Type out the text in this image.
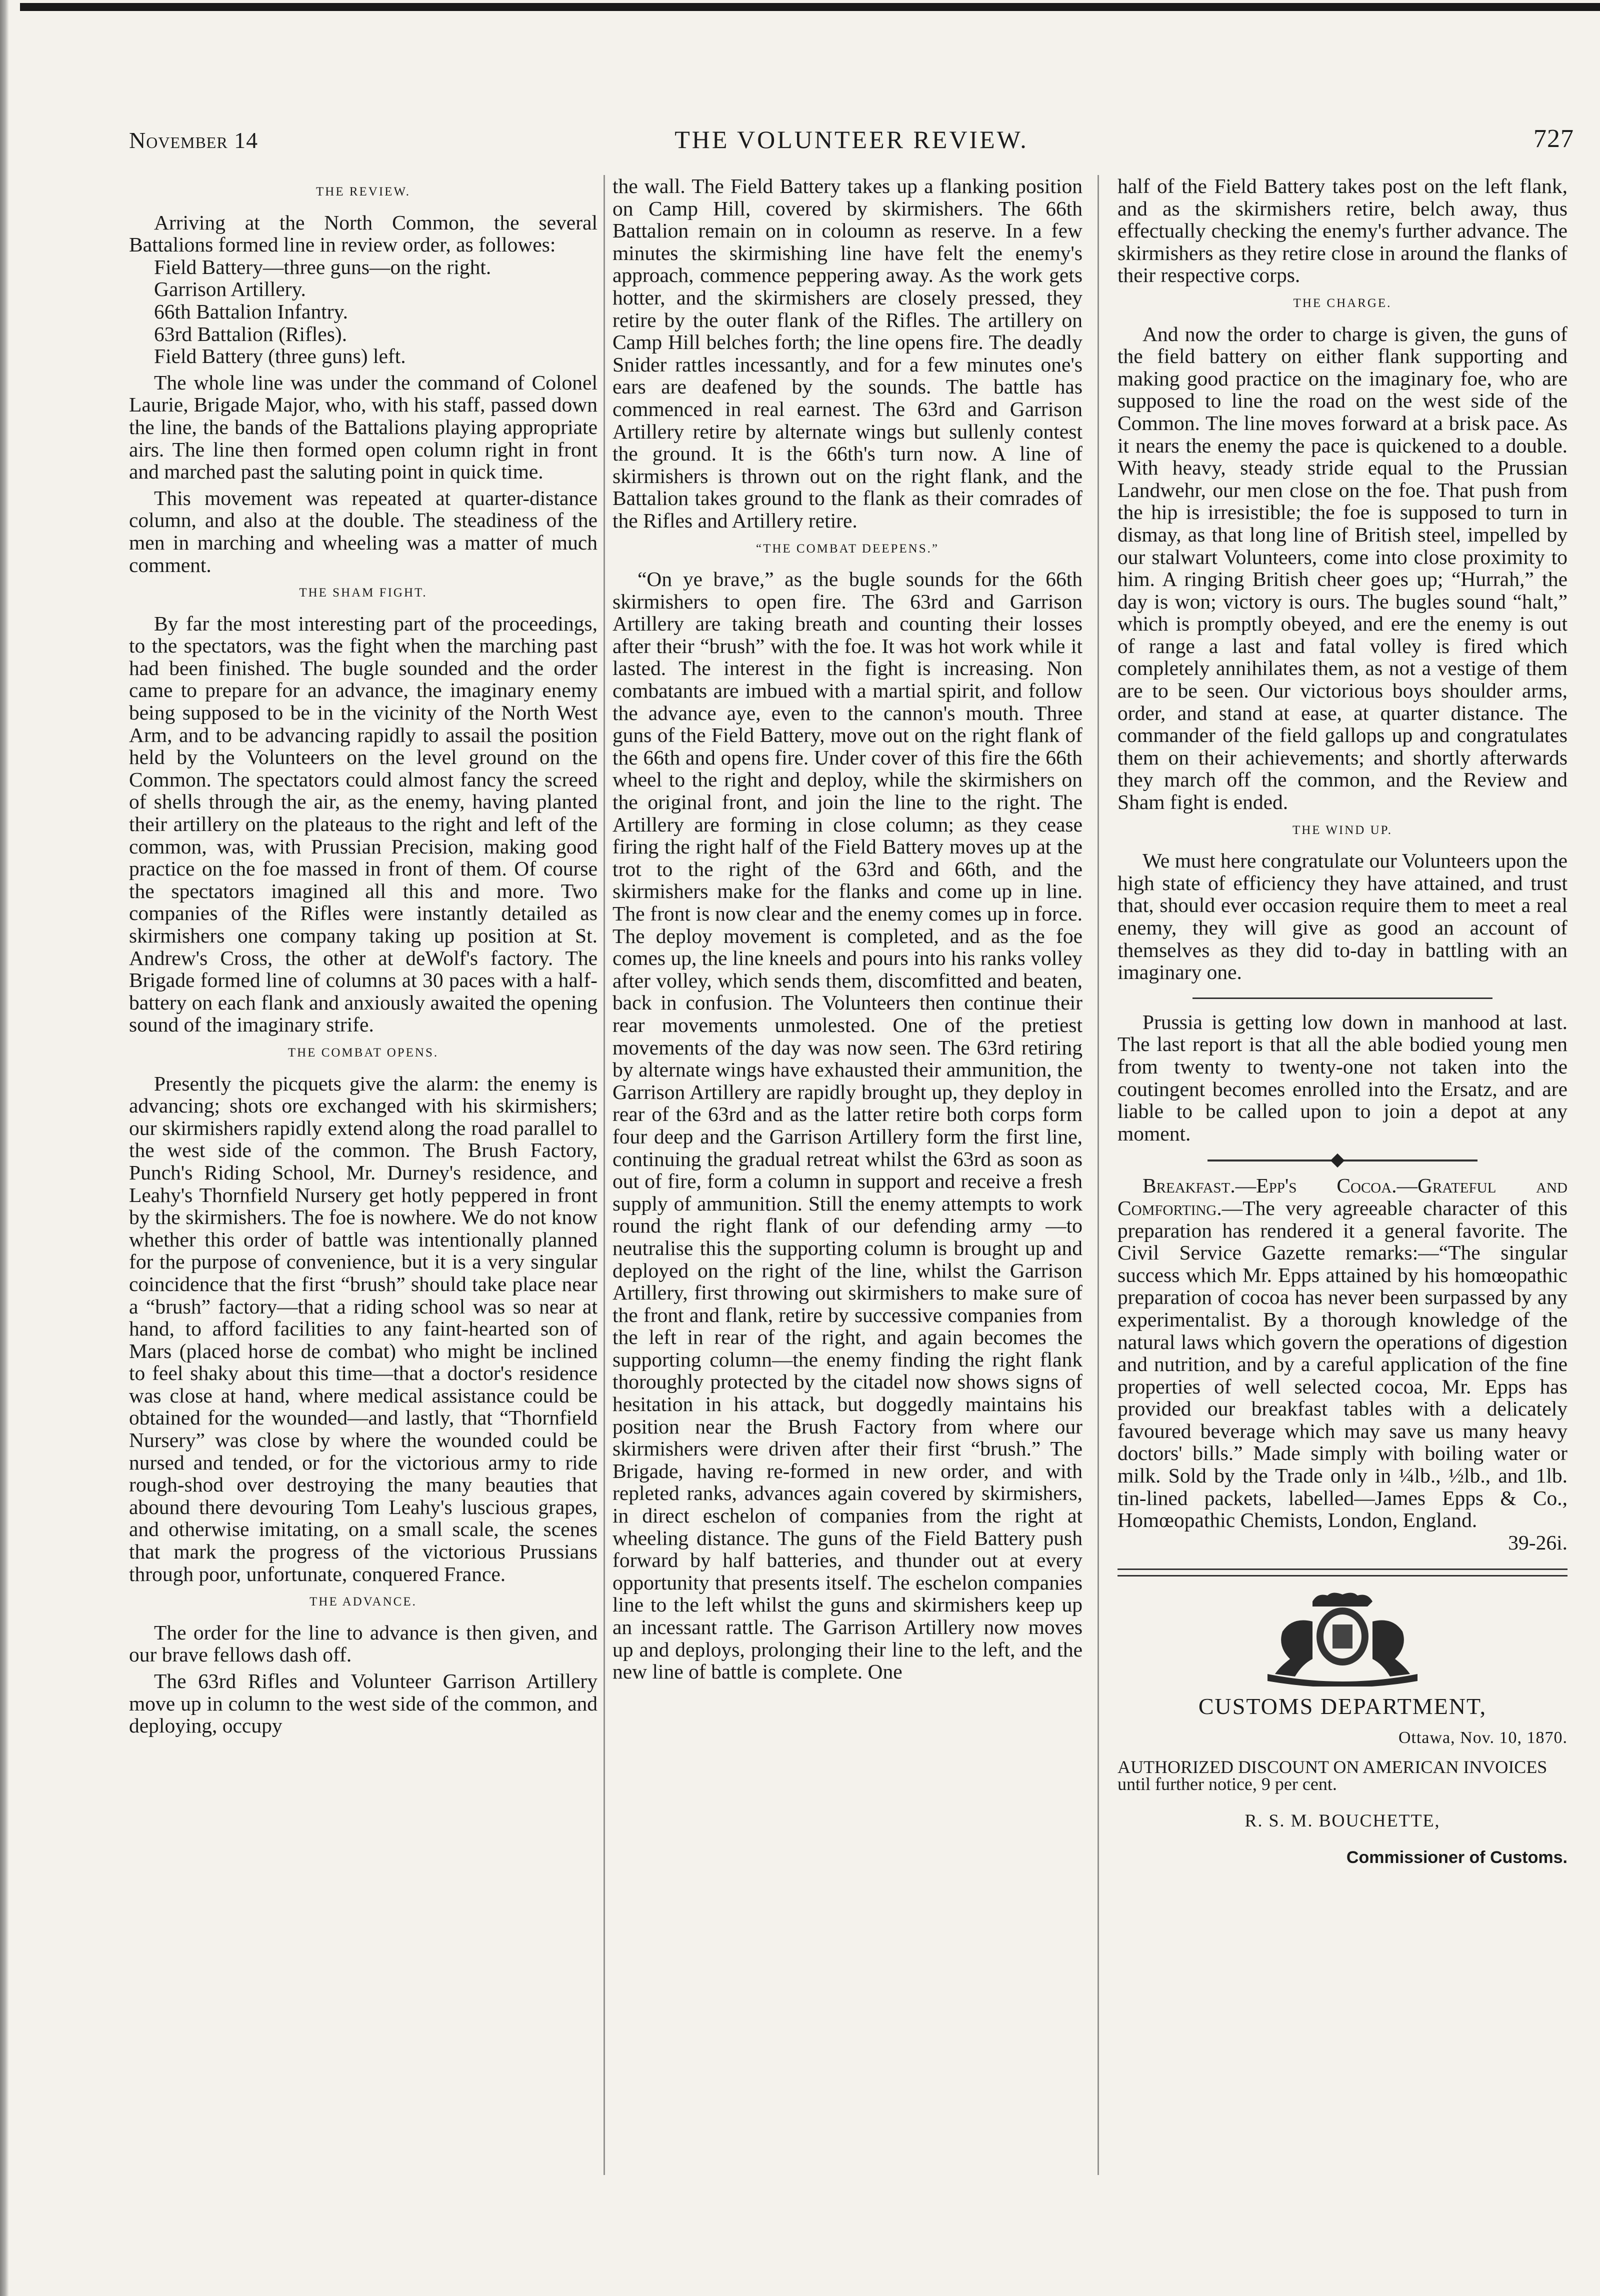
November 14	THE VOLUNTEER REVIEW.	727
THE REVIEW.

Arriving at the North Common, the several Battalions formed line in review order, as followes:

Field Battery—three guns—on the right.
Garrison Artillery.
66th Battalion Infantry.
63rd Battalion (Rifles).
Field Battery (three guns) left.

The whole line was under the command of Colonel Laurie, Brigade Major, who, with his staff, passed down the line, the bands of the Battalions playing appropriate airs. The line then formed open column right in front and marched past the saluting point in quick time.

This movement was repeated at quarter-distance column, and also at the double. The steadiness of the men in marching and wheeling was a matter of much comment.

THE SHAM FIGHT.

By far the most interesting part of the proceedings, to the spectators, was the fight when the marching past had been finished. The bugle sounded and the order came to prepare for an advance, the imaginary enemy being supposed to be in the vicinity of the North West Arm, and to be advancing rapidly to assail the position held by the Volunteers on the level ground on the Common. The spectators could almost fancy the screed of shells through the air, as the enemy, having planted their artillery on the plateaus to the right and left of the common, was, with Prussian Precision, making good practice on the foe massed in front of them. Of course the spectators imagined all this and more. Two companies of the Rifles were instantly detailed as skirmishers one company taking up position at St. Andrew's Cross, the other at deWolf's factory. The Brigade formed line of columns at 30 paces with a half-battery on each flank and anxiously awaited the opening sound of the imaginary strife.

THE COMBAT OPENS.

Presently the picquets give the alarm: the enemy is advancing; shots ore exchanged with his skirmishers; our skirmishers rapidly extend along the road parallel to the west side of the common. The Brush Factory, Punch's Riding School, Mr. Durney's residence, and Leahy's Thornfield Nursery get hotly peppered in front by the skirmishers. The foe is nowhere. We do not know whether this order of battle was intentionally planned for the purpose of convenience, but it is a very singular coincidence that the first “brush” should take place near a “brush” factory—that a riding school was so near at hand, to afford facilities to any faint-hearted son of Mars (placed horse de combat) who might be inclined to feel shaky about this time—that a doctor's residence was close at hand, where medical assistance could be obtained for the wounded—and lastly, that “Thornfield Nursery” was close by where the wounded could be nursed and tended, or for the victorious army to ride rough-shod over destroying the many beauties that abound there devouring Tom Leahy's luscious grapes, and otherwise imitating, on a small scale, the scenes that mark the progress of the victorious Prussians through poor, unfortunate, conquered France.

THE ADVANCE.

The order for the line to advance is then given, and our brave fellows dash off.

The 63rd Rifles and Volunteer Garrison Artillery move up in column to the west side of the common, and deploying, occupy

the wall. The Field Battery takes up a flanking position on Camp Hill, covered by skirmishers. The 66th Battalion remain on in coloumn as reserve. In a few minutes the skirmishing line have felt the enemy's approach, commence peppering away. As the work gets hotter, and the skirmishers are closely pressed, they retire by the outer flank of the Rifles. The artillery on Camp Hill belches forth; the line opens fire. The deadly Snider rattles incessantly, and for a few minutes one's ears are deafened by the sounds. The battle has commenced in real earnest. The 63rd and Garrison Artillery retire by alternate wings but sullenly contest the ground. It is the 66th's turn now. A line of skirmishers is thrown out on the right flank, and the Battalion takes ground to the flank as their comrades of the Rifles and Artillery retire.

“THE COMBAT DEEPENS.”

“On ye brave,” as the bugle sounds for the 66th skirmishers to open fire. The 63rd and Garrison Artillery are taking breath and counting their losses after their “brush” with the foe. It was hot work while it lasted. The interest in the fight is increasing. Non combatants are imbued with a martial spirit, and follow the advance aye, even to the cannon's mouth. Three guns of the Field Battery, move out on the right flank of the 66th and opens fire. Under cover of this fire the 66th wheel to the right and deploy, while the skirmishers on the original front, and join the line to the right. The Artillery are forming in close column; as they cease firing the right half of the Field Battery moves up at the trot to the right of the 63rd and 66th, and the skirmishers make for the flanks and come up in line. The front is now clear and the enemy comes up in force. The deploy movement is completed, and as the foe comes up, the line kneels and pours into his ranks volley after volley, which sends them, discomfitted and beaten, back in confusion. The Volunteers then continue their rear movements unmolested. One of the pretiest movements of the day was now seen. The 63rd retiring by alternate wings have exhausted their ammunition, the Garrison Artillery are rapidly brought up, they deploy in rear of the 63rd and as the latter retire both corps form four deep and the Garrison Artillery form the first line, continuing the gradual retreat whilst the 63rd as soon as out of fire, form a column in support and receive a fresh supply of ammunition. Still the enemy attempts to work round the right flank of our defending army —to neutralise this the supporting column is brought up and deployed on the right of the line, whilst the Garrison Artillery, first throwing out skirmishers to make sure of the front and flank, retire by successive companies from the left in rear of the right, and again becomes the supporting column—the enemy finding the right flank thoroughly protected by the citadel now shows signs of hesitation in his attack, but doggedly maintains his position near the Brush Factory from where our skirmishers were driven after their first “brush.” The Brigade, having re-formed in new order, and with repleted ranks, advances again covered by skirmishers, in direct eschelon of companies from the right at wheeling distance. The guns of the Field Battery push forward by half batteries, and thunder out at every opportunity that presents itself. The eschelon companies line to the left whilst the guns and skirmishers keep up an incessant rattle. The Garrison Artillery now moves up and deploys, prolonging their line to the left, and the new line of battle is complete. One

half of the Field Battery takes post on the left flank, and as the skirmishers retire, belch away, thus effectually checking the enemy's further advance. The skirmishers as they retire close in around the flanks of their respective corps.

THE CHARGE.

And now the order to charge is given, the guns of the field battery on either flank supporting and making good practice on the imaginary foe, who are supposed to line the road on the west side of the Common. The line moves forward at a brisk pace. As it nears the enemy the pace is quickened to a double. With heavy, steady stride equal to the Prussian Landwehr, our men close on the foe. That push from the hip is irresistible; the foe is supposed to turn in dismay, as that long line of British steel, impelled by our stalwart Volunteers, come into close proximity to him. A ringing British cheer goes up; “Hurrah,” the day is won; victory is ours. The bugles sound “halt,” which is promptly obeyed, and ere the enemy is out of range a last and fatal volley is fired which completely annihilates them, as not a vestige of them are to be seen. Our victorious boys shoulder arms, order, and stand at ease, at quarter distance. The commander of the field gallops up and congratulates them on their achievements; and shortly afterwards they march off the common, and the Review and Sham fight is ended.

THE WIND UP.

We must here congratulate our Volunteers upon the high state of efficiency they have attained, and trust that, should ever occasion require them to meet a real enemy, they will give as good an account of themselves as they did to-day in battling with an imaginary one.

Prussia is getting low down in manhood at last. The last report is that all the able bodied young men from twenty to twenty-one not taken into the coutingent becomes enrolled into the Ersatz, and are liable to be called upon to join a depot at any moment.

Breakfast.—Epp's Cocoa.—Grateful and Comforting.—The very agreeable character of this preparation has rendered it a general favorite. The Civil Service Gazette remarks:—“The singular success which Mr. Epps attained by his homœopathic preparation of cocoa has never been surpassed by any experimentalist. By a thorough knowledge of the natural laws which govern the operations of digestion and nutrition, and by a careful application of the fine properties of well selected cocoa, Mr. Epps has provided our breakfast tables with a delicately favoured beverage which may save us many heavy doctors' bills.” Made simply with boiling water or milk. Sold by the Trade only in ¼lb., ½lb., and 1lb. tin-lined packets, labelled—James Epps & Co., Homœopathic Chemists, London, England.

39-26i.
CUSTOMS DEPARTMENT,
Ottawa, Nov. 10, 1870.
AUTHORIZED DISCOUNT ON AMERICAN INVOICES until further notice, 9 per cent.
R. S. M. BOUCHETTE,
Commissioner of Customs.
